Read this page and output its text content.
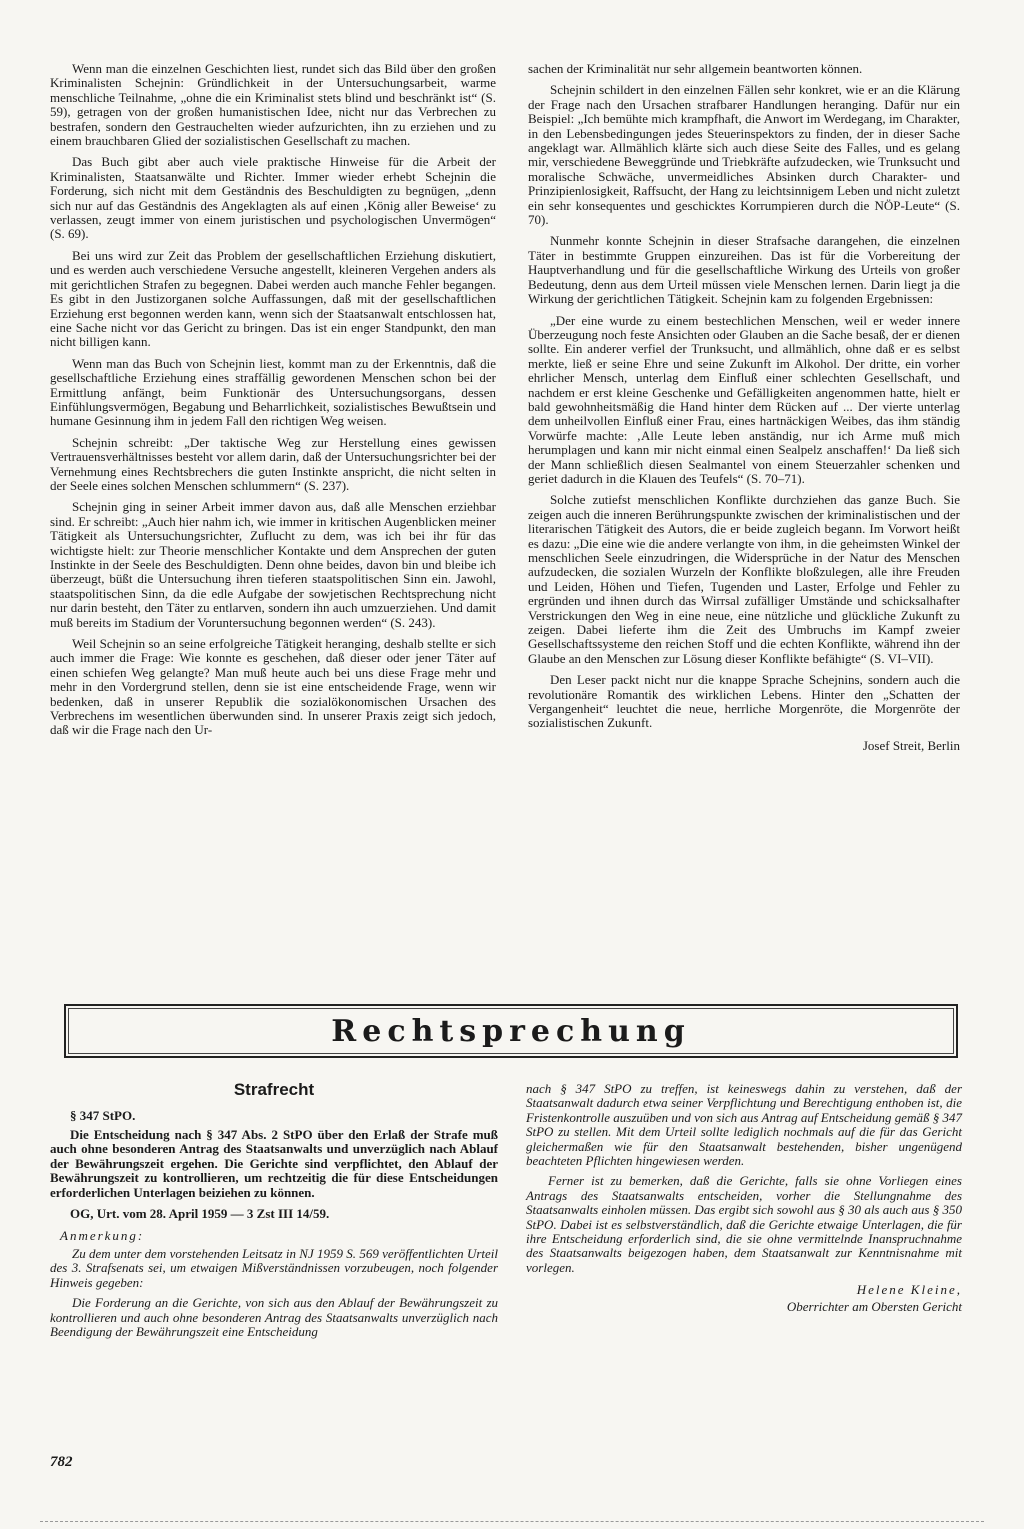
Wenn man die einzelnen Geschichten liest, rundet sich das Bild über den großen Kriminalisten Schejnin: Gründlichkeit in der Untersuchungsarbeit, warme menschliche Teilnahme, „ohne die ein Kriminalist stets blind und beschränkt ist“ (S. 59), getragen von der großen humanistischen Idee, nicht nur das Verbrechen zu bestrafen, sondern den Gestrauchelten wieder aufzurichten, ihn zu erziehen und zu einem brauchbaren Glied der sozialistischen Gesellschaft zu machen.

Das Buch gibt aber auch viele praktische Hinweise für die Arbeit der Kriminalisten, Staatsanwälte und Richter. Immer wieder erhebt Schejnin die Forderung, sich nicht mit dem Geständnis des Beschuldigten zu begnügen, „denn sich nur auf das Geständnis des Angeklagten als auf einen ‚König aller Beweise‘ zu verlassen, zeugt immer von einem juristischen und psychologischen Unvermögen“ (S. 69).

Bei uns wird zur Zeit das Problem der gesellschaftlichen Erziehung diskutiert, und es werden auch verschiedene Versuche angestellt, kleineren Vergehen anders als mit gerichtlichen Strafen zu begegnen. Dabei werden auch manche Fehler begangen. Es gibt in den Justizorganen solche Auffassungen, daß mit der gesellschaftlichen Erziehung erst begonnen werden kann, wenn sich der Staatsanwalt entschlossen hat, eine Sache nicht vor das Gericht zu bringen. Das ist ein enger Standpunkt, den man nicht billigen kann.

Wenn man das Buch von Schejnin liest, kommt man zu der Erkenntnis, daß die gesellschaftliche Erziehung eines straffällig gewordenen Menschen schon bei der Ermittlung anfängt, beim Funktionär des Untersuchungsorgans, dessen Einfühlungsvermögen, Begabung und Beharrlichkeit, sozialistisches Bewußtsein und humane Gesinnung ihm in jedem Fall den richtigen Weg weisen.

Schejnin schreibt: „Der taktische Weg zur Herstellung eines gewissen Vertrauensverhältnisses besteht vor allem darin, daß der Untersuchungsrichter bei der Vernehmung eines Rechtsbrechers die guten Instinkte anspricht, die nicht selten in der Seele eines solchen Menschen schlummern“ (S. 237).

Schejnin ging in seiner Arbeit immer davon aus, daß alle Menschen erziehbar sind. Er schreibt: „Auch hier nahm ich, wie immer in kritischen Augenblicken meiner Tätigkeit als Untersuchungsrichter, Zuflucht zu dem, was ich bei ihr für das wichtigste hielt: zur Theorie menschlicher Kontakte und dem Ansprechen der guten Instinkte in der Seele des Beschuldigten. Denn ohne beides, davon bin und bleibe ich überzeugt, büßt die Untersuchung ihren tieferen staatspolitischen Sinn ein. Jawohl, staatspolitischen Sinn, da die edle Aufgabe der sowjetischen Rechtsprechung nicht nur darin besteht, den Täter zu entlarven, sondern ihn auch umzuerziehen. Und damit muß bereits im Stadium der Voruntersuchung begonnen werden“ (S. 243).

Weil Schejnin so an seine erfolgreiche Tätigkeit heranging, deshalb stellte er sich auch immer die Frage: Wie konnte es geschehen, daß dieser oder jener Täter auf einen schiefen Weg gelangte? Man muß heute auch bei uns diese Frage mehr und mehr in den Vordergrund stellen, denn sie ist eine entscheidende Frage, wenn wir bedenken, daß in unserer Republik die sozialökonomischen Ursachen des Verbrechens im wesentlichen überwunden sind. In unserer Praxis zeigt sich jedoch, daß wir die Frage nach den Ur-

sachen der Kriminalität nur sehr allgemein beantworten können.

Schejnin schildert in den einzelnen Fällen sehr konkret, wie er an die Klärung der Frage nach den Ursachen strafbarer Handlungen heranging. Dafür nur ein Beispiel: „Ich bemühte mich krampfhaft, die Anwort im Werdegang, im Charakter, in den Lebensbedingungen jedes Steuerinspektors zu finden, der in dieser Sache angeklagt war. Allmählich klärte sich auch diese Seite des Falles, und es gelang mir, verschiedene Beweggründe und Triebkräfte aufzudecken, wie Trunksucht und moralische Schwäche, unvermeidliches Absinken durch Charakter- und Prinzipienlosigkeit, Raffsucht, der Hang zu leichtsinnigem Leben und nicht zuletzt ein sehr konsequentes und geschicktes Korrumpieren durch die NÖP-Leute“ (S. 70).

Nunmehr konnte Schejnin in dieser Strafsache darangehen, die einzelnen Täter in bestimmte Gruppen einzureihen. Das ist für die Vorbereitung der Hauptverhandlung und für die gesellschaftliche Wirkung des Urteils von großer Bedeutung, denn aus dem Urteil müssen viele Menschen lernen. Darin liegt ja die Wirkung der gerichtlichen Tätigkeit. Schejnin kam zu folgenden Ergebnissen:

„Der eine wurde zu einem bestechlichen Menschen, weil er weder innere Überzeugung noch feste Ansichten oder Glauben an die Sache besaß, der er dienen sollte. Ein anderer verfiel der Trunksucht, und allmählich, ohne daß er es selbst merkte, ließ er seine Ehre und seine Zukunft im Alkohol. Der dritte, ein vorher ehrlicher Mensch, unterlag dem Einfluß einer schlechten Gesellschaft, und nachdem er erst kleine Geschenke und Gefälligkeiten angenommen hatte, hielt er bald gewohnheitsmäßig die Hand hinter dem Rücken auf ... Der vierte unterlag dem unheilvollen Einfluß einer Frau, eines hartnäckigen Weibes, das ihm ständig Vorwürfe machte: ‚Alle Leute leben anständig, nur ich Arme muß mich herumplagen und kann mir nicht einmal einen Sealpelz anschaffen!‘ Da ließ sich der Mann schließlich diesen Sealmantel von einem Steuerzahler schenken und geriet dadurch in die Klauen des Teufels“ (S. 70–71).

Solche zutiefst menschlichen Konflikte durchziehen das ganze Buch. Sie zeigen auch die inneren Berührungspunkte zwischen der kriminalistischen und der literarischen Tätigkeit des Autors, die er beide zugleich begann. Im Vorwort heißt es dazu: „Die eine wie die andere verlangte von ihm, in die geheimsten Winkel der menschlichen Seele einzudringen, die Widersprüche in der Natur des Menschen aufzudecken, die sozialen Wurzeln der Konflikte bloßzulegen, alle ihre Freuden und Leiden, Höhen und Tiefen, Tugenden und Laster, Erfolge und Fehler zu ergründen und ihnen durch das Wirrsal zufälliger Umstände und schicksalhafter Verstrickungen den Weg in eine neue, eine nützliche und glückliche Zukunft zu zeigen. Dabei lieferte ihm die Zeit des Umbruchs im Kampf zweier Gesellschaftssysteme den reichen Stoff und die echten Konflikte, während ihn der Glaube an den Menschen zur Lösung dieser Konflikte befähigte“ (S. VI–VII).

Den Leser packt nicht nur die knappe Sprache Schejnins, sondern auch die revolutionäre Romantik des wirklichen Lebens. Hinter den „Schatten der Vergangenheit“ leuchtet die neue, herrliche Morgenröte, die Morgenröte der sozialistischen Zukunft.

Josef Streit, Berlin
Rechtsprechung
Strafrecht
§ 347 StPO.

Die Entscheidung nach § 347 Abs. 2 StPO über den Erlaß der Strafe muß auch ohne besonderen Antrag des Staatsanwalts und unverzüglich nach Ablauf der Bewährungszeit ergehen. Die Gerichte sind verpflichtet, den Ablauf der Bewährungszeit zu kontrollieren, um rechtzeitig die für diese Entscheidungen erforderlichen Unterlagen beiziehen zu können.

OG, Urt. vom 28. April 1959 — 3 Zst III 14/59.
Anmerkung:

Zu dem unter dem vorstehenden Leitsatz in NJ 1959 S. 569 veröffentlichten Urteil des 3. Strafsenats sei, um etwaigen Mißverständnissen vorzubeugen, noch folgender Hinweis gegeben:

Die Forderung an die Gerichte, von sich aus den Ablauf der Bewährungszeit zu kontrollieren und auch ohne besonderen Antrag des Staatsanwalts unverzüglich nach Beendigung der Bewährungszeit eine Entscheidung

nach § 347 StPO zu treffen, ist keineswegs dahin zu verstehen, daß der Staatsanwalt dadurch etwa seiner Verpflichtung und Berechtigung enthoben ist, die Fristenkontrolle auszuüben und von sich aus Antrag auf Entscheidung gemäß § 347 StPO zu stellen. Mit dem Urteil sollte lediglich nochmals auf die für das Gericht gleichermaßen wie für den Staatsanwalt bestehenden, bisher ungenügend beachteten Pflichten hingewiesen werden.

Ferner ist zu bemerken, daß die Gerichte, falls sie ohne Vorliegen eines Antrags des Staatsanwalts entscheiden, vorher die Stellungnahme des Staatsanwalts einholen müssen. Das ergibt sich sowohl aus § 30 als auch aus § 350 StPO. Dabei ist es selbstverständlich, daß die Gerichte etwaige Unterlagen, die für ihre Entscheidung erforderlich sind, die sie ohne vermittelnde Inanspruchnahme des Staatsanwalts beigezogen haben, dem Staatsanwalt zur Kenntnisnahme mit vorlegen.

Helene Kleine,
Oberrichter am Obersten Gericht
782
